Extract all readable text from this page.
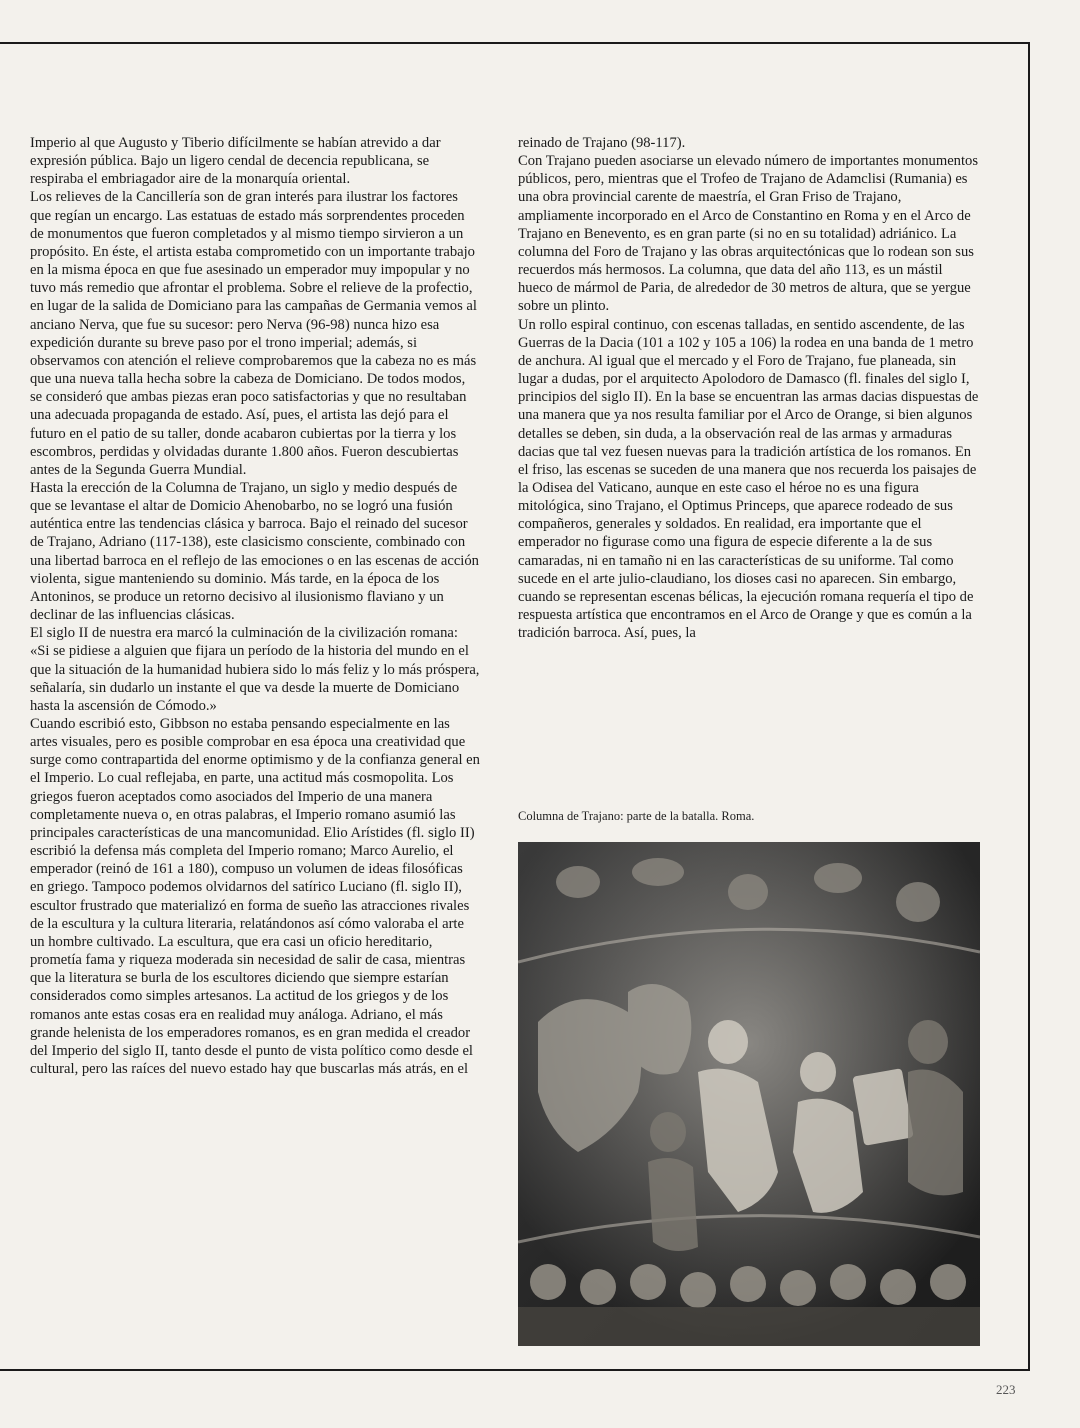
Imperio al que Augusto y Tiberio difícilmente se habían atrevido a dar expresión pública. Bajo un ligero cendal de decencia republicana, se respiraba el embriagador aire de la monarquía oriental.

Los relieves de la Cancillería son de gran interés para ilustrar los factores que regían un encargo. Las estatuas de estado más sorprendentes proceden de monumentos que fueron completados y al mismo tiempo sirvieron a un propósito. En éste, el artista estaba comprometido con un importante trabajo en la misma época en que fue asesinado un emperador muy impopular y no tuvo más remedio que afrontar el problema. Sobre el relieve de la profectio, en lugar de la salida de Domiciano para las campañas de Germania vemos al anciano Nerva, que fue su sucesor: pero Nerva (96-98) nunca hizo esa expedición durante su breve paso por el trono imperial; además, si observamos con atención el relieve comprobaremos que la cabeza no es más que una nueva talla hecha sobre la cabeza de Domiciano. De todos modos, se consideró que ambas piezas eran poco satisfactorias y que no resultaban una adecuada propaganda de estado. Así, pues, el artista las dejó para el futuro en el patio de su taller, donde acabaron cubiertas por la tierra y los escombros, perdidas y olvidadas durante 1.800 años. Fueron descubiertas antes de la Segunda Guerra Mundial.

Hasta la erección de la Columna de Trajano, un siglo y medio después de que se levantase el altar de Domicio Ahenobarbo, no se logró una fusión auténtica entre las tendencias clásica y barroca. Bajo el reinado del sucesor de Trajano, Adriano (117-138), este clasicismo consciente, combinado con una libertad barroca en el reflejo de las emociones o en las escenas de acción violenta, sigue manteniendo su dominio. Más tarde, en la época de los Antoninos, se produce un retorno decisivo al ilusionismo flaviano y un declinar de las influencias clásicas.

El siglo II de nuestra era marcó la culminación de la civilización romana:

«Si se pidiese a alguien que fijara un período de la historia del mundo en el que la situación de la humanidad hubiera sido lo más feliz y lo más próspera, señalaría, sin dudarlo un instante el que va desde la muerte de Domiciano hasta la ascensión de Cómodo.»

Cuando escribió esto, Gibbson no estaba pensando especialmente en las artes visuales, pero es posible comprobar en esa época una creatividad que surge como contrapartida del enorme optimismo y de la confianza general en el Imperio. Lo cual reflejaba, en parte, una actitud más cosmopolita. Los griegos fueron aceptados como asociados del Imperio de una manera completamente nueva o, en otras palabras, el Imperio romano asumió las principales características de una mancomunidad. Elio Arístides (fl. siglo II) escribió la defensa más completa del Imperio romano; Marco Aurelio, el emperador (reinó de 161 a 180), compuso un volumen de ideas filosóficas en griego. Tampoco podemos olvidarnos del satírico Luciano (fl. siglo II), escultor frustrado que materializó en forma de sueño las atracciones rivales de la escultura y la cultura literaria, relatándonos así cómo valoraba el arte un hombre cultivado. La escultura, que era casi un oficio hereditario, prometía fama y riqueza moderada sin necesidad de salir de casa, mientras que la literatura se burla de los escultores diciendo que siempre estarían considerados como simples artesanos. La actitud de los griegos y de los romanos ante estas cosas era en realidad muy análoga. Adriano, el más grande helenista de los emperadores romanos, es en gran medida el creador del Imperio del siglo II, tanto desde el punto de vista político como desde el cultural, pero las raíces del nuevo estado hay que buscarlas más atrás, en el

reinado de Trajano (98-117).

Con Trajano pueden asociarse un elevado número de importantes monumentos públicos, pero, mientras que el Trofeo de Trajano de Adamclisi (Rumania) es una obra provincial carente de maestría, el Gran Friso de Trajano, ampliamente incorporado en el Arco de Constantino en Roma y en el Arco de Trajano en Benevento, es en gran parte (si no en su totalidad) adriánico. La columna del Foro de Trajano y las obras arquitectónicas que lo rodean son sus recuerdos más hermosos. La columna, que data del año 113, es un mástil hueco de mármol de Paria, de alrededor de 30 metros de altura, que se yergue sobre un plinto.

Un rollo espiral continuo, con escenas talladas, en sentido ascendente, de las Guerras de la Dacia (101 a 102 y 105 a 106) la rodea en una banda de 1 metro de anchura. Al igual que el mercado y el Foro de Trajano, fue planeada, sin lugar a dudas, por el arquitecto Apolodoro de Damasco (fl. finales del siglo I, principios del siglo II). En la base se encuentran las armas dacias dispuestas de una manera que ya nos resulta familiar por el Arco de Orange, si bien algunos detalles se deben, sin duda, a la observación real de las armas y armaduras dacias que tal vez fuesen nuevas para la tradición artística de los romanos. En el friso, las escenas se suceden de una manera que nos recuerda los paisajes de la Odisea del Vaticano, aunque en este caso el héroe no es una figura mitológica, sino Trajano, el Optimus Princeps, que aparece rodeado de sus compañeros, generales y soldados. En realidad, era importante que el emperador no figurase como una figura de especie diferente a la de sus camaradas, ni en tamaño ni en las características de su uniforme. Tal como sucede en el arte julio-claudiano, los dioses casi no aparecen. Sin embargo, cuando se representan escenas bélicas, la ejecución romana requería el tipo de respuesta artística que encontramos en el Arco de Orange y que es común a la tradición barroca. Así, pues, la

Columna de Trajano: parte de la batalla. Roma.
223
